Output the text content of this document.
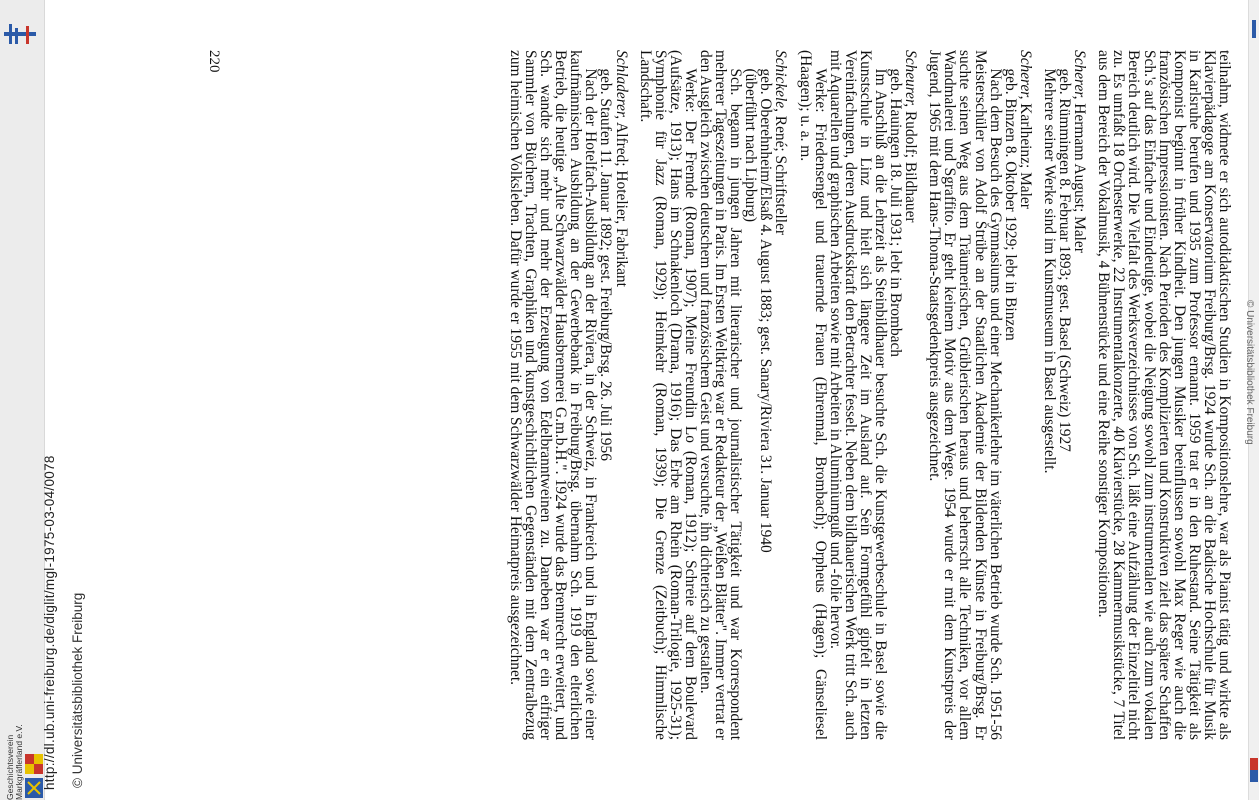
Geschichtsverein Markgräflerland e.V. http://dl.ub.uni-freiburg.de/diglit/mgl-1975-03-04/0078 © Universitätsbibliothek Freiburg
© Universitätsbibliothek Freiburg

teilnahm, widmete er sich autodidaktischen Studien in Kompositionslehre, war als Pianist tätig und wirkte als Klavierpädagoge am Konservatorium Freiburg/Brsg. 1924 wurde Sch. an die Badische Hochschule für Musik in Karlsruhe berufen und 1935 zum Professor ernannt. 1959 trat er in den Ruhestand. Seine Tätigkeit als Komponist beginnt in früher Kindheit. Den jungen Musiker beeinflussen sowohl Max Reger wie auch die französischen Impressionisten. Nach Perioden des Komplizierten und Konstruktiven zielt das spätere Schaffen Sch.'s auf das Einfache und Eindeutige, wobei die Neigung sowohl zum instrumentalen wie auch zum vokalen Bereich deutlich wird. Die Vielfalt des Werksverzeichnisses von Sch. läßt eine Aufzählung der Einzeltitel nicht zu. Es umfaßt 18 Orchesterwerke, 22 Instrumentalkonzerte, 40 Klavierstücke, 28 Kammermusikstücke, 7 Titel aus dem Bereich der Vokalmusik, 4 Bühnenstücke und eine Reihe sonstiger Kompositionen.

Scherer, Hermann August; Maler

geb. Rümmingen 8. Februar 1893; gest. Basel (Schweiz) 1927

Mehrere seiner Werke sind im Kunstmuseum in Basel ausgestellt.

Scherer, Karlheinz; Maler

geb. Binzen 8. Oktober 1929; lebt in Binzen

Nach dem Besuch des Gymnasiums und einer Mechanikerlehre im väterlichen Betrieb wurde Sch. 1951-56 Meisterschüler von Adolf Strübe an der Staatlichen Akademie der Bildenden Künste in Freiburg/Brsg. Er suchte seinen Weg aus dem Träumerischen, Grüblerischen heraus und beherrscht alle Techniken, vor allem Wandmalerei und Sgraffito. Er geht keinem Motiv aus dem Wege. 1954 wurde er mit dem Kunstpreis der Jugend, 1965 mit dem Hans-Thoma-Staatsgedenkpreis ausgezeichnet.

Scheurer, Rudolf; Bildhauer

geb. Hauingen 18. Juli 1931; lebt in Brombach

Im Anschluß an die Lehrzeit als Steinbildhauer besuchte Sch. die Kunstgewerbeschule in Basel sowie die Kunstschule in Linz und hielt sich längere Zeit im Ausland auf. Sein Formgefühl gipfelt in letzten Vereinfachungen, deren Ausdruckskraft den Betrachter fesselt. Neben dem bildhauerischen Werk tritt Sch. auch mit Aquarellen und graphischen Arbeiten sowie mit Arbeiten in Aluminiumguß und -folie hervor.

Werke: Friedensengel und trauernde Frauen (Ehrenmal, Brombach); Orpheus (Hagen); Gänseliesel (Haagen); u. a. m.

Schickele, René; Schriftsteller

geb. Oberehnheim/Elsaß 4. August 1883; gest. Sanary/Riviera 31. Januar 1940

(überführt nach Lipburg)

Sch. begann in jungen Jahren mit literarischer und journalistischer Tätigkeit und war Korrespondent mehrerer Tageszeitungen in Paris. Im Ersten Weltkrieg war er Redakteur der „Weißen Blätter". Immer vertrat er den Ausgleich zwischen deutschem und französischem Geist und versuchte, ihn dichterisch zu gestalten.

Werke: Der Fremde (Roman, 1907); Meine Freundin Lo (Roman, 1912); Schreie auf dem Boulevard (Aufsätze, 1913); Hans im Schnakenloch (Drama, 1916); Das Erbe am Rhein (Roman-Trilogie, 1925-31); Symphonie für Jazz (Roman, 1929); Heimkehr (Roman, 1939); Die Grenze (Zeitbuch); Himmlische Landschaft.

Schladerer, Alfred; Hotelier, Fabrikant

geb. Staufen 11. Januar 1892; gest. Freiburg/Brsg. 26. Juli 1956

Nach der Hotelfach-Ausbildung an der Riviera, in der Schweiz, in Frankreich und in England sowie einer kaufmännischen Ausbildung an der Gewerbebank in Freiburg/Brsg. übernahm Sch. 1919 den elterlichen Betrieb, die heutige „Alte Schwarzwälder Hausbrennerei G.m.b.H.". 1924 wurde das Brennrecht erweitert, und Sch. wandte sich mehr und mehr der Erzeugung von Edelbranntweinen zu. Daneben war er ein eifriger Sammler von Büchern, Trachten, Graphiken und kunstgeschichtlichen Gegenständen mit dem Zentralbezug zum heimischen Volksleben. Dafür wurde er 1955 mit dem Schwarzwälder Heimatpreis ausgezeichnet.

220
